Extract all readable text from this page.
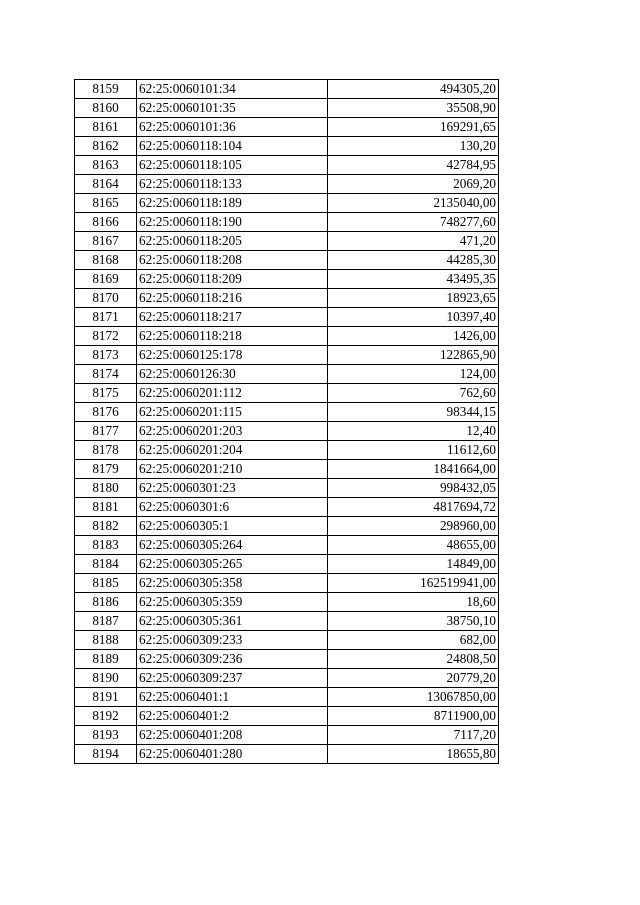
8159	62:25:0060101:34	494305,20
8160	62:25:0060101:35	35508,90
8161	62:25:0060101:36	169291,65
8162	62:25:0060118:104	130,20
8163	62:25:0060118:105	42784,95
8164	62:25:0060118:133	2069,20
8165	62:25:0060118:189	2135040,00
8166	62:25:0060118:190	748277,60
8167	62:25:0060118:205	471,20
8168	62:25:0060118:208	44285,30
8169	62:25:0060118:209	43495,35
8170	62:25:0060118:216	18923,65
8171	62:25:0060118:217	10397,40
8172	62:25:0060118:218	1426,00
8173	62:25:0060125:178	122865,90
8174	62:25:0060126:30	124,00
8175	62:25:0060201:112	762,60
8176	62:25:0060201:115	98344,15
8177	62:25:0060201:203	12,40
8178	62:25:0060201:204	11612,60
8179	62:25:0060201:210	1841664,00
8180	62:25:0060301:23	998432,05
8181	62:25:0060301:6	4817694,72
8182	62:25:0060305:1	298960,00
8183	62:25:0060305:264	48655,00
8184	62:25:0060305:265	14849,00
8185	62:25:0060305:358	162519941,00
8186	62:25:0060305:359	18,60
8187	62:25:0060305:361	38750,10
8188	62:25:0060309:233	682,00
8189	62:25:0060309:236	24808,50
8190	62:25:0060309:237	20779,20
8191	62:25:0060401:1	13067850,00
8192	62:25:0060401:2	8711900,00
8193	62:25:0060401:208	7117,20
8194	62:25:0060401:280	18655,80
